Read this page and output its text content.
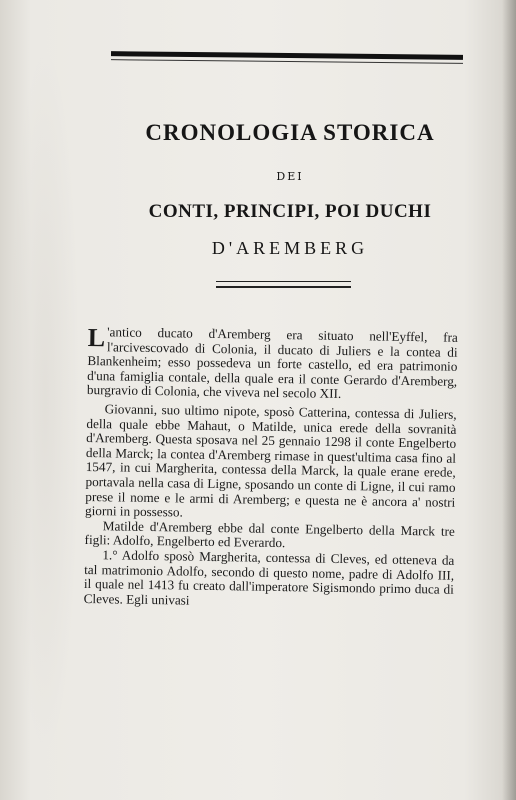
CRONOLOGIA STORICA
DEI
CONTI, PRINCIPI, POI DUCHI
D'AREMBERG

L 'antico ducato d'Aremberg era situato nell'Eyffel, fra l'arcivescovado di Colonia, il ducato di Juliers e la contea di Blankenheim; esso possedeva un forte castello, ed era patrimonio d'una famiglia contale, della quale era il conte Gerardo d'Aremberg, burgravio di Colonia, che viveva nel secolo XII.

Giovanni, suo ultimo nipote, sposò Catterina, contessa di Juliers, della quale ebbe Mahaut, o Matilde, unica erede della sovranità d'Aremberg. Questa sposava nel 25 gennaio 1298 il conte Engelberto della Marck; la contea d'Aremberg rimase in quest'ultima casa fino al 1547, in cui Margherita, contessa della Marck, la quale erane erede, portavala nella casa di Ligne, sposando un conte di Ligne, il cui ramo prese il nome e le armi di Aremberg; e questa ne è ancora a' nostri giorni in possesso.

Matilde d'Aremberg ebbe dal conte Engelberto della Marck tre figli: Adolfo, Engelberto ed Everardo.

1.° Adolfo sposò Margherita, contessa di Cleves, ed otteneva da tal matrimonio Adolfo, secondo di questo nome, padre di Adolfo III, il quale nel 1413 fu creato dall'imperatore Sigismondo primo duca di Cleves. Egli univasi
